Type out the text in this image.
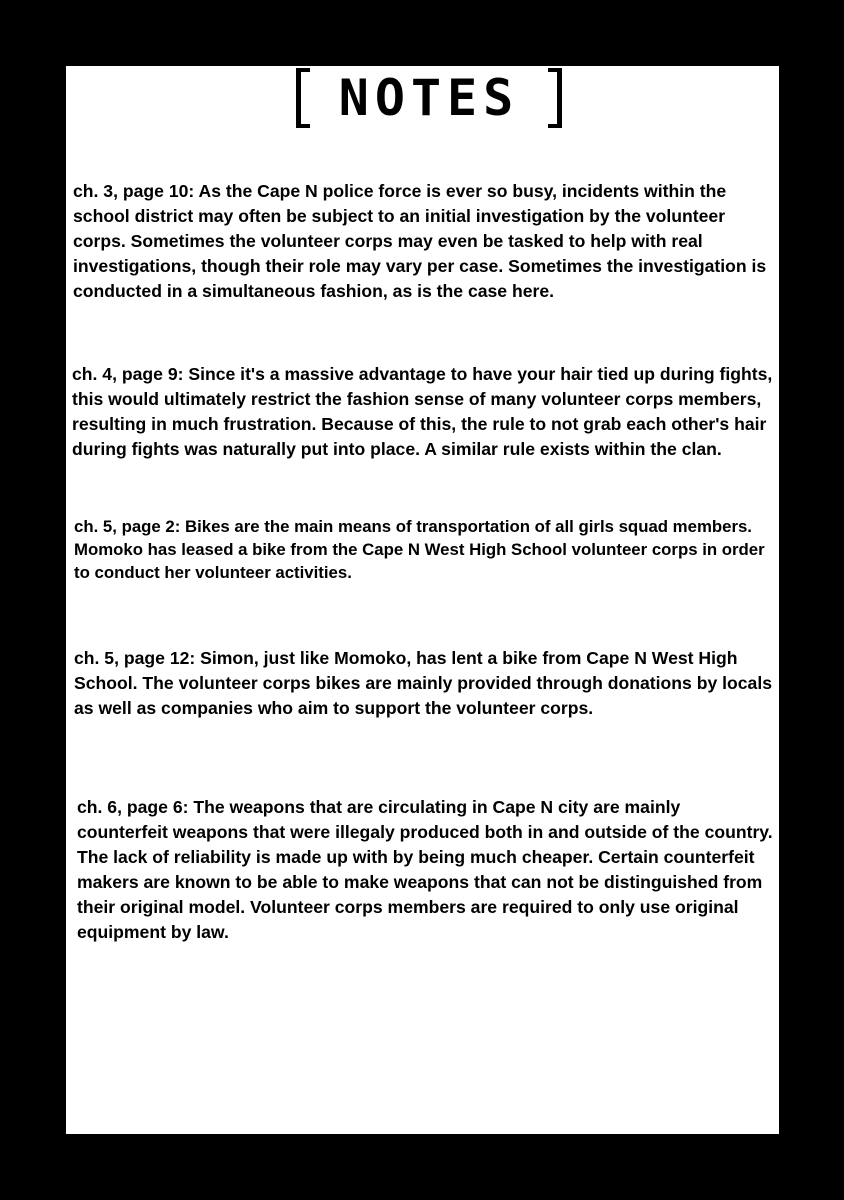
NOTES

ch. 3, page 10: As the Cape N police force is ever so busy, incidents within the school district may often be subject to an initial investigation by the volunteer corps. Sometimes the volunteer corps may even be tasked to help with real investigations, though their role may vary per case. Sometimes the investigation is conducted in a simultaneous fashion, as is the case here.

ch. 4, page 9: Since it's a massive advantage to have your hair tied up during fights, this would ultimately restrict the fashion sense of many volunteer corps members, resulting in much frustration. Because of this, the rule to not grab each other's hair during fights was naturally put into place. A similar rule exists within the clan.

ch. 5, page 2: Bikes are the main means of transportation of all girls squad members. Momoko has leased a bike from the Cape N West High School volunteer corps in order to conduct her volunteer activities.

ch. 5, page 12: Simon, just like Momoko, has lent a bike from Cape N West High School. The volunteer corps bikes are mainly provided through donations by locals as well as companies who aim to support the volunteer corps.

ch. 6, page 6: The weapons that are circulating in Cape N city are mainly counterfeit weapons that were illegaly produced both in and outside of the country. The lack of reliability is made up with by being much cheaper. Certain counterfeit makers are known to be able to make weapons that can not be distinguished from their original model. Volunteer corps members are required to only use original equipment by law.
